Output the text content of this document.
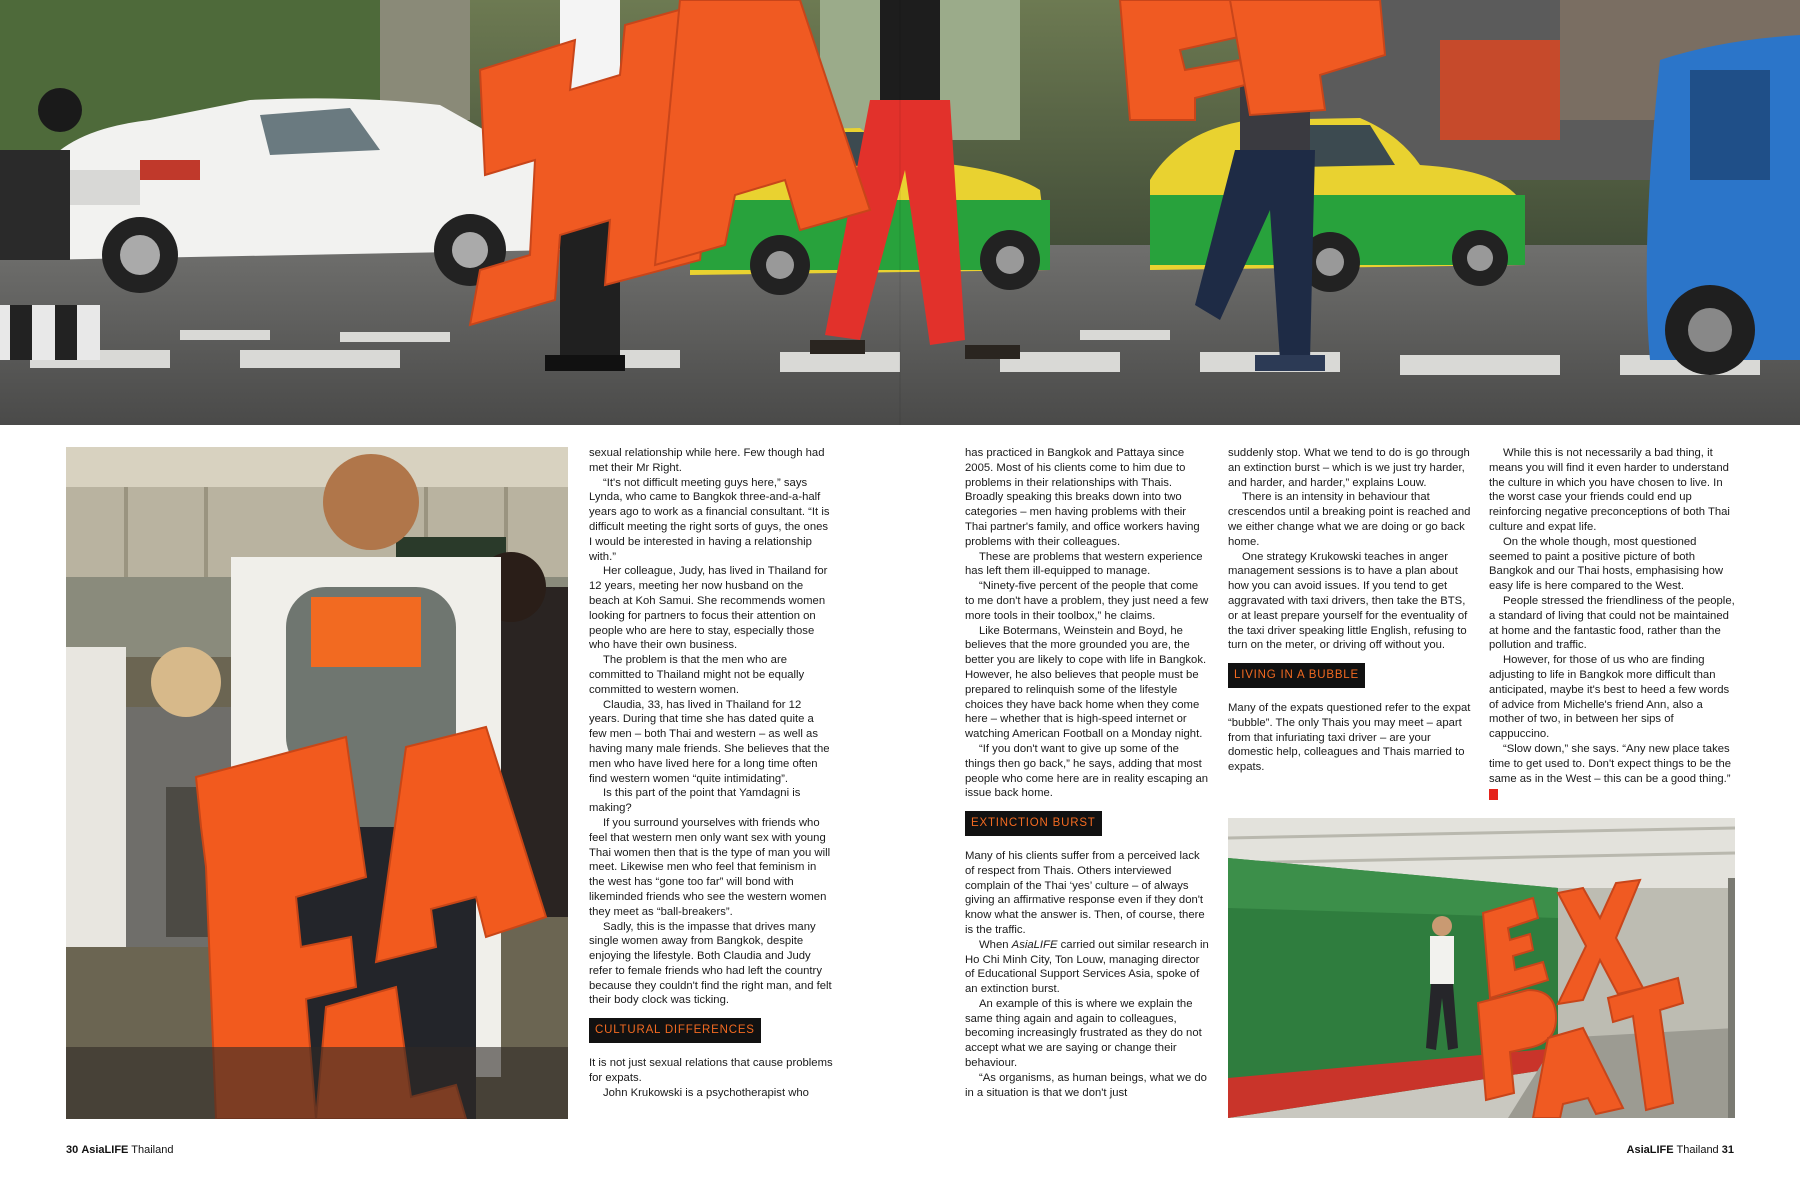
sexual relationship while here. Few though had met their Mr Right.

“It's not difficult meeting guys here,” says Lynda, who came to Bangkok three-and-a-half years ago to work as a financial consultant. “It is difficult meeting the right sorts of guys, the ones I would be interested in having a relationship with.”

Her colleague, Judy, has lived in Thailand for 12 years, meeting her now husband on the beach at Koh Samui. She recommends women looking for partners to focus their attention on people who are here to stay, especially those who have their own business.

The problem is that the men who are committed to Thailand might not be equally committed to western women.

Claudia, 33, has lived in Thailand for 12 years. During that time she has dated quite a few men – both Thai and western – as well as having many male friends. She believes that the men who have lived here for a long time often find western women “quite intimidating”.

Is this part of the point that Yamdagni is making?

If you surround yourselves with friends who feel that western men only want sex with young Thai women then that is the type of man you will meet. Likewise men who feel that feminism in the west has “gone too far” will bond with likeminded friends who see the western women they meet as “ball-breakers”.

Sadly, this is the impasse that drives many single women away from Bangkok, despite enjoying the lifestyle. Both Claudia and Judy refer to female friends who had left the country because they couldn't find the right man, and felt their body clock was ticking.

CULTURAL DIFFERENCES

It is not just sexual relations that cause problems for expats.

John Krukowski is a psychotherapist who

has practiced in Bangkok and Pattaya since 2005. Most of his clients come to him due to problems in their relationships with Thais. Broadly speaking this breaks down into two categories – men having problems with their Thai partner's family, and office workers having problems with their colleagues.

These are problems that western experience has left them ill-equipped to manage.

“Ninety-five percent of the people that come to me don't have a problem, they just need a few more tools in their toolbox,” he claims.

Like Botermans, Weinstein and Boyd, he believes that the more grounded you are, the better you are likely to cope with life in Bangkok. However, he also believes that people must be prepared to relinquish some of the lifestyle choices they have back home when they come here – whether that is high-speed internet or watching American Football on a Monday night.

“If you don't want to give up some of the things then go back,” he says, adding that most people who come here are in reality escaping an issue back home.

EXTINCTION BURST

Many of his clients suffer from a perceived lack of respect from Thais. Others interviewed complain of the Thai ‘yes’ culture – of always giving an affirmative response even if they don't know what the answer is. Then, of course, there is the traffic.

When AsiaLIFE carried out similar research in Ho Chi Minh City, Ton Louw, managing director of Educational Support Services Asia, spoke of an extinction burst.

An example of this is where we explain the same thing again and again to colleagues, becoming increasingly frustrated as they do not accept what we are saying or change their behaviour.

“As organisms, as human beings, what we do in a situation is that we don't just

suddenly stop. What we tend to do is go through an extinction burst – which is we just try harder, and harder, and harder,” explains Louw.

There is an intensity in behaviour that crescendos until a breaking point is reached and we either change what we are doing or go back home.

One strategy Krukowski teaches in anger management sessions is to have a plan about how you can avoid issues. If you tend to get aggravated with taxi drivers, then take the BTS, or at least prepare yourself for the eventuality of the taxi driver speaking little English, refusing to turn on the meter, or driving off without you.

LIVING IN A BUBBLE

Many of the expats questioned refer to the expat “bubble”. The only Thais you may meet – apart from that infuriating taxi driver – are your domestic help, colleagues and Thais married to expats.

While this is not necessarily a bad thing, it means you will find it even harder to understand the culture in which you have chosen to live. In the worst case your friends could end up reinforcing negative preconceptions of both Thai culture and expat life.

On the whole though, most questioned seemed to paint a positive picture of both Bangkok and our Thai hosts, emphasising how easy life is here compared to the West.

People stressed the friendliness of the people, a standard of living that could not be maintained at home and the fantastic food, rather than the pollution and traffic.

However, for those of us who are finding adjusting to life in Bangkok more difficult than anticipated, maybe it's best to heed a few words of advice from Michelle's friend Ann, also a mother of two, in between her sips of cappuccino.

“Slow down,” she says. “Any new place takes time to get used to. Don't expect things to be the same as in the West – this can be a good thing.” A

30 AsiaLIFE Thailand	AsiaLIFE Thailand 31
